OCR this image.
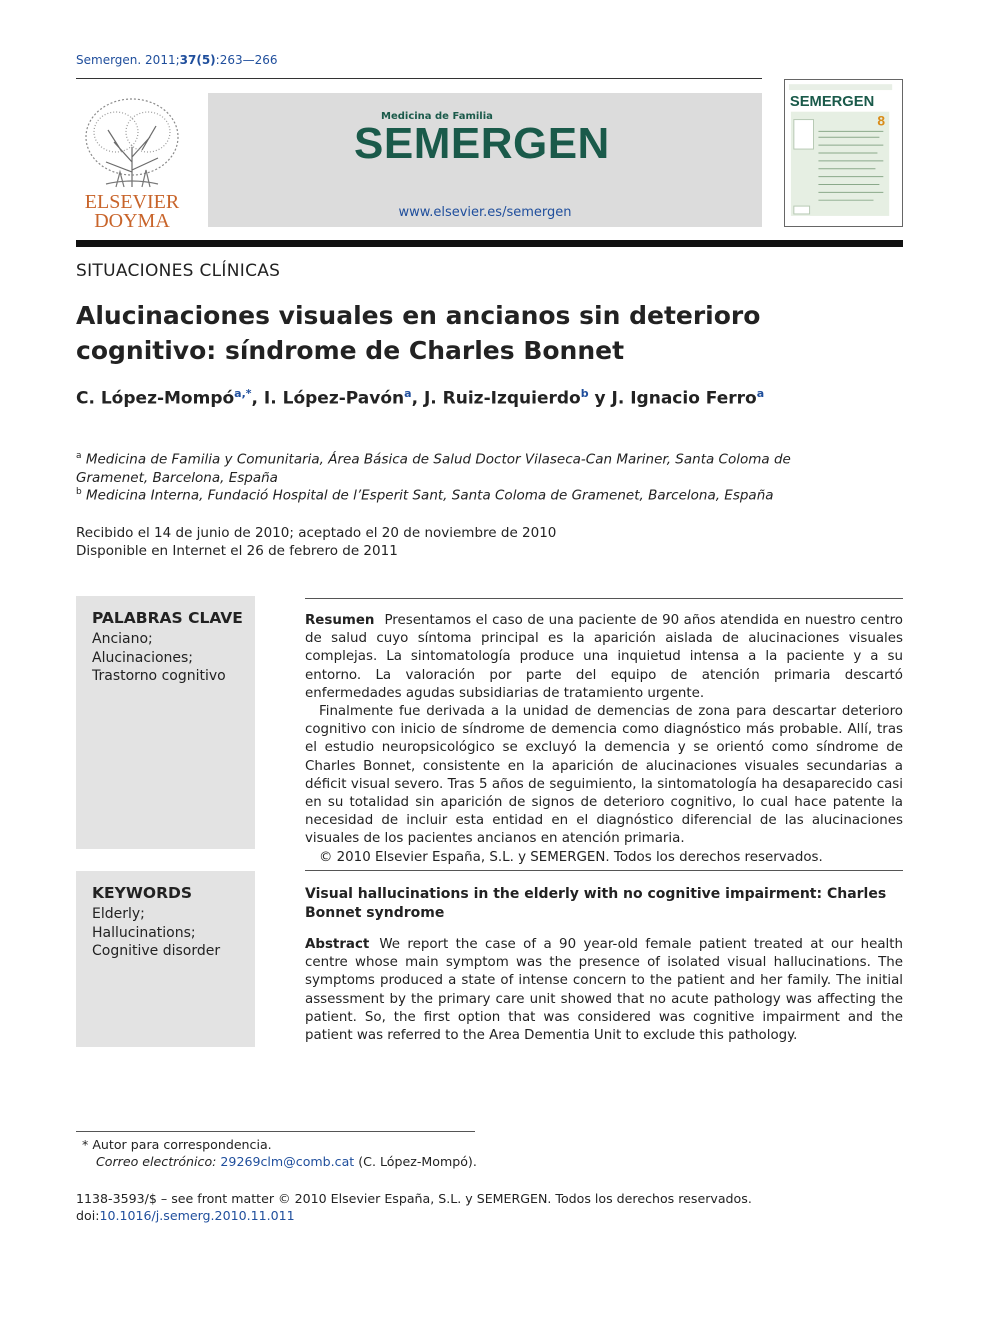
Semergen. 2011;37(5):263—266
ELSEVIER
DOYMA
Medicina de Familia
SEMERGEN
www.elsevier.es/semergen
SEMERGEN
8
SITUACIONES CLÍNICAS
Alucinaciones visuales en ancianos sin deterioro cognitivo: síndrome de Charles Bonnet
C. López-Mompó$^{a,*}$, I. López-Pavón$^a$, J. Ruiz-Izquierdo$^b$ y J. Ignacio Ferro$^a$
$^a$ Medicina de Familia y Comunitaria, Área Básica de Salud Doctor Vilaseca-Can Mariner, Santa Coloma de Gramenet, Barcelona, España
$^b$ Medicina Interna, Fundació Hospital de l’Esperit Sant, Santa Coloma de Gramenet, Barcelona, España
Recibido el 14 de junio de 2010; aceptado el 20 de noviembre de 2010
Disponible en Internet el 26 de febrero de 2011
PALABRAS CLAVE
Anciano;
Alucinaciones;
Trastorno cognitivo

Resumen Presentamos el caso de una paciente de 90 años atendida en nuestro centro de salud cuyo síntoma principal es la aparición aislada de alucinaciones visuales complejas. La sintomatología produce una inquietud intensa a la paciente y a su entorno. La valoración por parte del equipo de atención primaria descartó enfermedades agudas subsidiarias de tratamiento urgente.

Finalmente fue derivada a la unidad de demencias de zona para descartar deterioro cognitivo con inicio de síndrome de demencia como diagnóstico más probable. Allí, tras el estudio neuropsicológico se excluyó la demencia y se orientó como síndrome de Charles Bonnet, consistente en la aparición de alucinaciones visuales secundarias a déficit visual severo. Tras 5 años de seguimiento, la sintomatología ha desaparecido casi en su totalidad sin aparición de signos de deterioro cognitivo, lo cual hace patente la necesidad de incluir esta entidad en el diagnóstico diferencial de las alucinaciones visuales de los pacientes ancianos en atención primaria.

© 2010 Elsevier España, S.L. y SEMERGEN. Todos los derechos reservados.

KEYWORDS
Elderly;
Hallucinations;
Cognitive disorder
Visual hallucinations in the elderly with no cognitive impairment: Charles Bonnet syndrome

Abstract We report the case of a 90 year-old female patient treated at our health centre whose main symptom was the presence of isolated visual hallucinations. The symptoms produced a state of intense concern to the patient and her family. The initial assessment by the primary care unit showed that no acute pathology was affecting the patient. So, the first option that was considered was cognitive impairment and the patient was referred to the Area Dementia Unit to exclude this pathology.

* Autor para correspondencia.
Correo electrónico: 29269clm@comb.cat (C. López-Mompó).
1138-3593/$ – see front matter © 2010 Elsevier España, S.L. y SEMERGEN. Todos los derechos reservados.
doi:10.1016/j.semerg.2010.11.011
